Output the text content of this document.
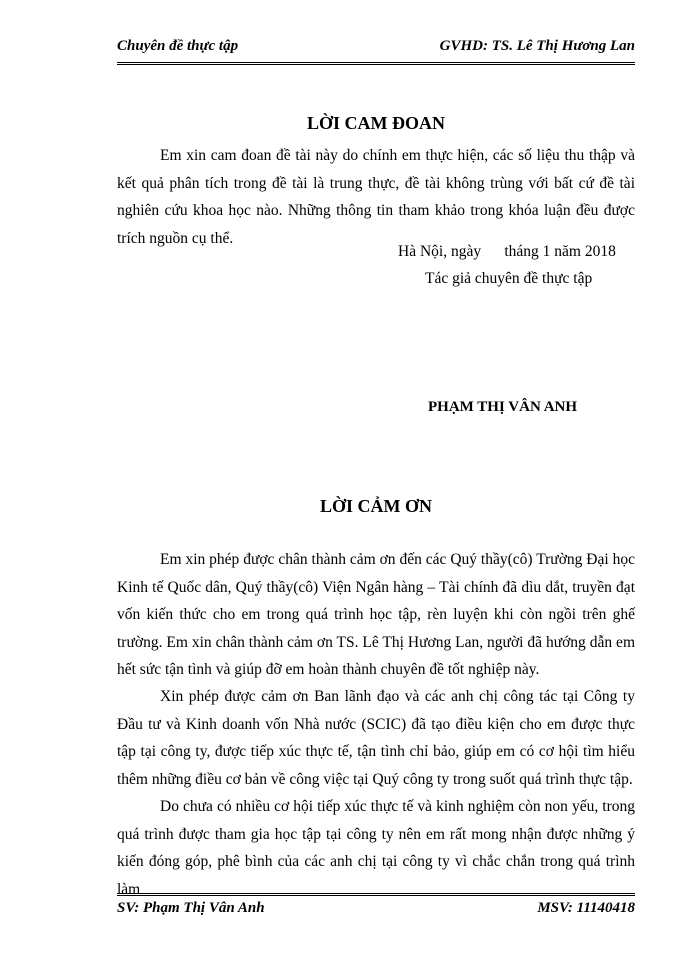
Chuyên đề thực tập	GVHD: TS. Lê Thị Hương Lan
LỜI CAM ĐOAN

Em xin cam đoan đề tài này do chính em thực hiện, các số liệu thu thập và kết quả phân tích trong đề tài là trung thực, đề tài không trùng với bất cứ đề tài nghiên cứu khoa học nào. Những thông tin tham khảo trong khóa luận đều được trích nguồn cụ thể.

Hà Nội, ngày      tháng 1 năm 2018
Tác giả chuyên đề thực tập
PHẠM THỊ VÂN ANH
LỜI CẢM ƠN

Em xin phép được chân thành cảm ơn đến các Quý thầy(cô) Trường Đại học Kinh tế Quốc dân, Quý thầy(cô) Viện Ngân hàng – Tài chính đã dìu dắt, truyền đạt vốn kiến thức cho em trong quá trình học tập, rèn luyện khi còn ngồi trên ghế trường. Em xin chân thành cảm ơn TS. Lê Thị Hương Lan, người đã hướng dẫn em hết sức tận tình và giúp đỡ em hoàn thành chuyên đề tốt nghiệp này.

Xin phép được cảm ơn Ban lãnh đạo và các anh chị công tác tại Công ty Đầu tư và Kinh doanh vốn Nhà nước (SCIC) đã tạo điều kiện cho em được thực tập tại công ty, được tiếp xúc thực tế, tận tình chỉ bảo, giúp em có cơ hội tìm hiểu thêm những điều cơ bản về công việc tại Quý công ty trong suốt quá trình thực tập.

Do chưa có nhiều cơ hội tiếp xúc thực tế và kinh nghiệm còn non yếu, trong quá trình được tham gia học tập tại công ty nên em rất mong nhận được những ý kiến đóng góp, phê bình của các anh chị tại công ty vì chắc chắn trong quá trình làm

SV: Phạm Thị Vân Anh	MSV: 11140418
